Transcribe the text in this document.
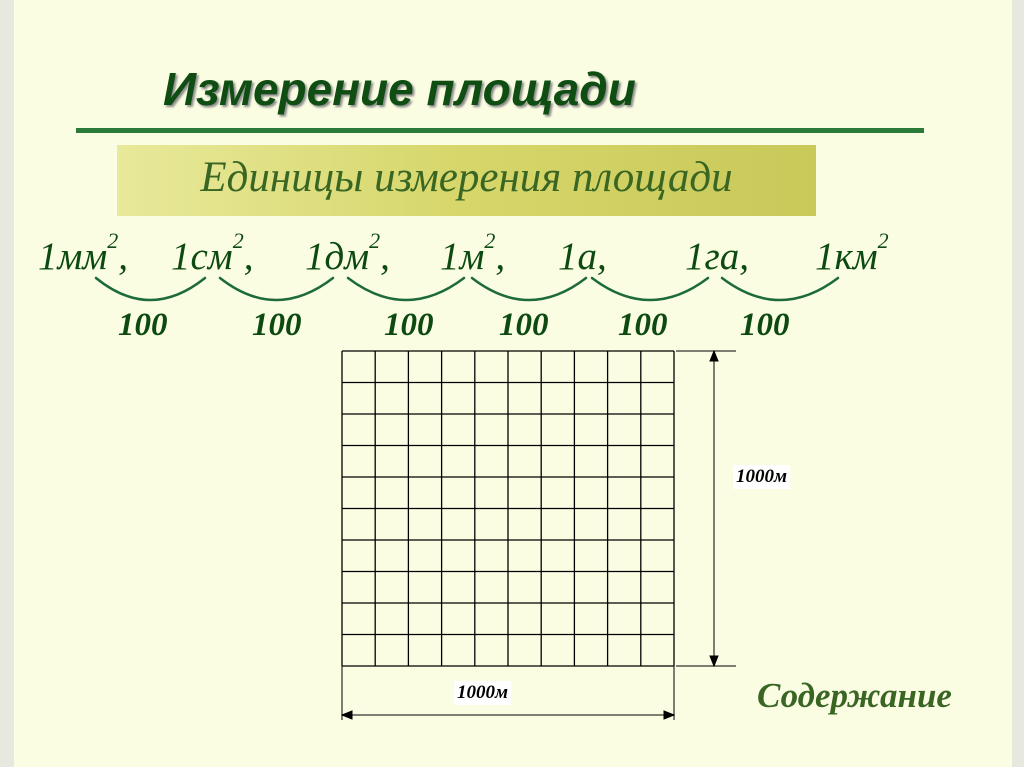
Измерение площади
Единицы измерения площади
$1мм^2$, $1см^2$, $1дм^2$, $1м^2$, 1а, 1га, $1км^2$
100	100	100 100 100 100
1000м
1000м	Содержание
